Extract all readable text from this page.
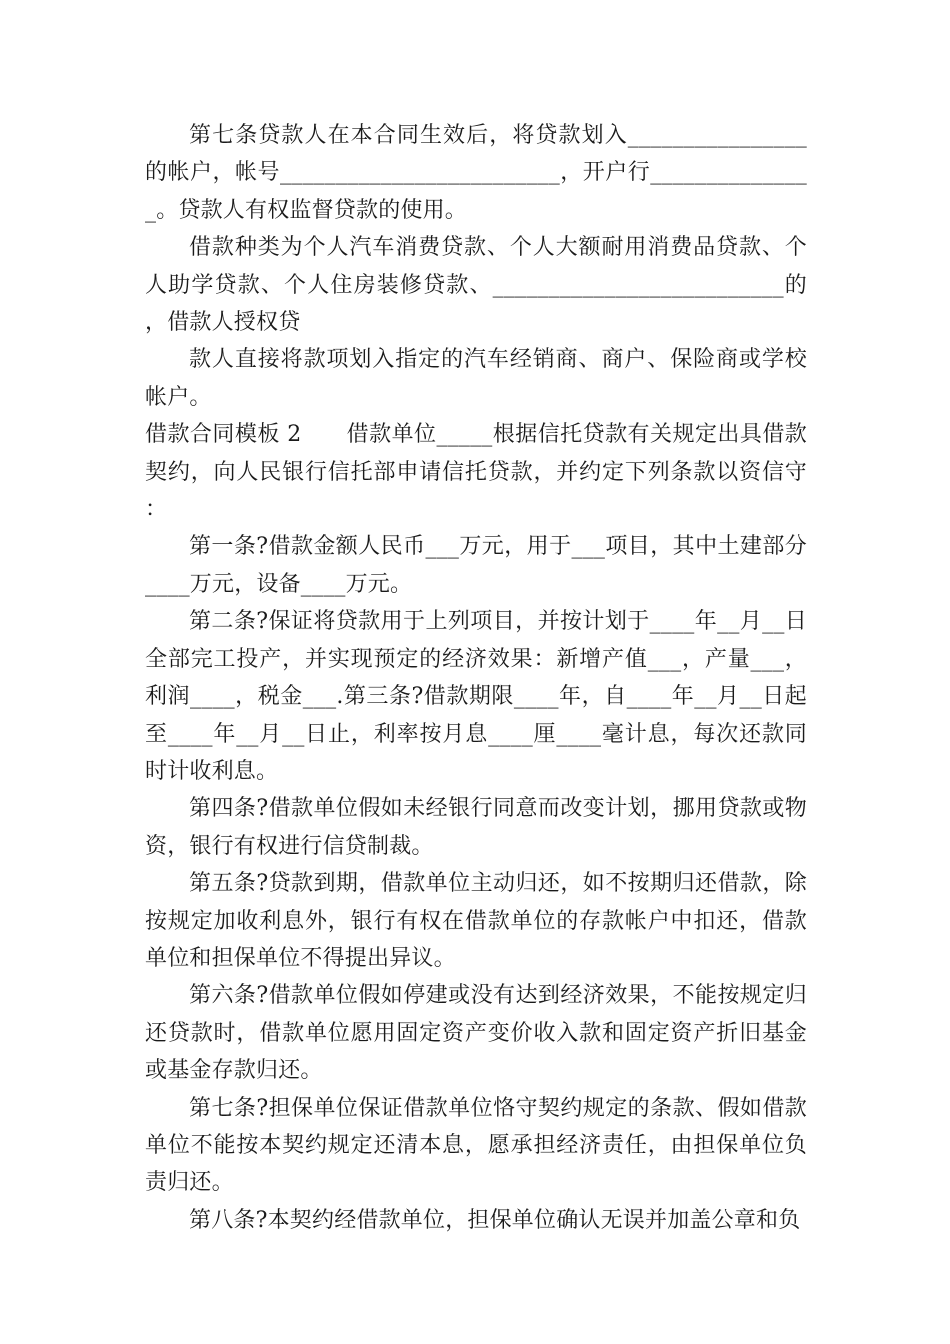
第七条贷款人在本合同生效后，将贷款划入________________的帐户，帐号_________________________，开户行______________ _。贷款人有权监督贷款的使用。

借款种类为个人汽车消费贷款、个人大额耐用消费品贷款、个人助学贷款、个人住房装修贷款、__________________________的，借款人授权贷

款人直接将款项划入指定的汽车经销商、商户、保险商或学校帐户。

借款合同模板 2　　借款单位_____根据信托贷款有关规定出具借款契约，向人民银行信托部申请信托贷款，并约定下列条款以资信守：

第一条?借款金额人民币___万元，用于___项目，其中土建部分____万元，设备____万元。

第二条?保证将贷款用于上列项目，并按计划于____年__月__日全部完工投产，并实现预定的经济效果：新增产值___，产量___，利润____，税金___.第三条?借款期限____年，自____年__月__日起至____年__月__日止，利率按月息____厘____毫计息，每次还款同时计收利息。

第四条?借款单位假如未经银行同意而改变计划，挪用贷款或物资，银行有权进行信贷制裁。

第五条?贷款到期，借款单位主动归还，如不按期归还借款，除按规定加收利息外，银行有权在借款单位的存款帐户中扣还，借款单位和担保单位不得提出异议。

第六条?借款单位假如停建或没有达到经济效果，不能按规定归还贷款时，借款单位愿用固定资产变价收入款和固定资产折旧基金或基金存款归还。

第七条?担保单位保证借款单位恪守契约规定的条款、假如借款单位不能按本契约规定还清本息，愿承担经济责任，由担保单位负责归还。

第八条?本契约经借款单位，担保单位确认无误并加盖公章和负
